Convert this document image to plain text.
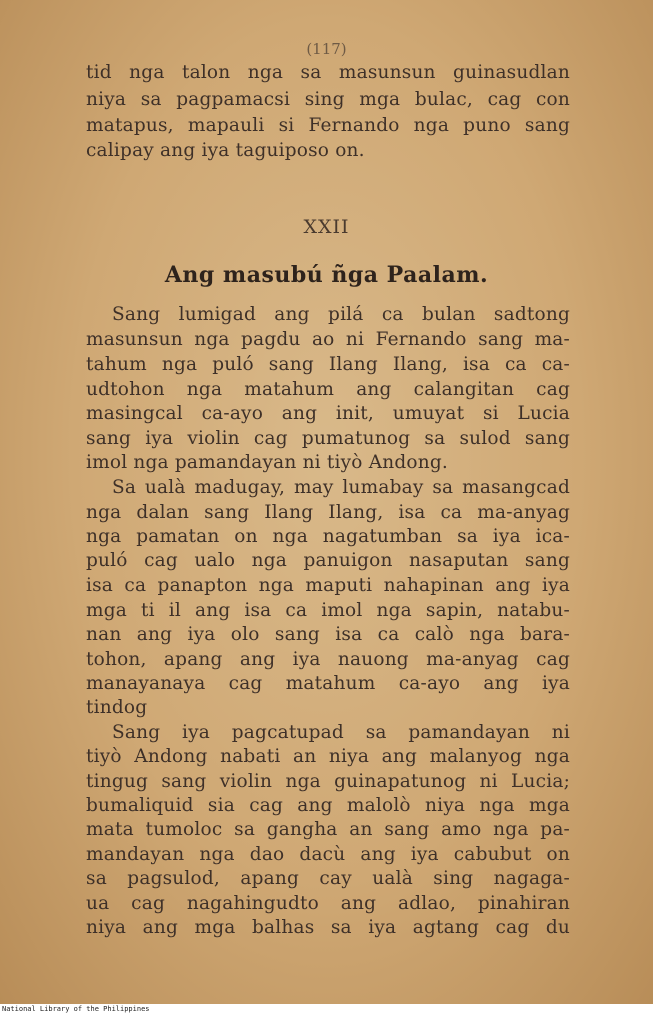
(117)
tid nga talon nga sa masunsun guinasudlan
niya sa pagpamacsi sing mga bulac, cag con
matapus, mapauli si Fernando nga puno sang
calipay ang iya taguiposo on.
XXII
Ang masubú ñga Paalam.
Sang lumigad ang pilá ca bulan sadtong
masunsun nga pagdu ao ni Fernando sang ma-
tahum nga puló sang Ilang Ilang, isa ca ca-
udtohon nga matahum ang calangitan cag
masingcal ca-ayo ang init, umuyat si Lucia
sang iya violin cag pumatunog sa sulod sang
imol nga pamandayan ni tiyò Andong.
Sa ualà madugay, may lumabay sa masangcad
nga dalan sang Ilang Ilang, isa ca ma-anyag
nga pamatan on nga nagatumban sa iya ica-
puló cag ualo nga panuigon nasaputan sang
isa ca panapton nga maputi nahapinan ang iya
mga ti il ang isa ca imol nga sapin, natabu-
nan ang iya olo sang isa ca calò nga bara-
tohon, apang ang iya nauong ma-anyag cag
manayanaya cag matahum ca-ayo ang iya
tindog
Sang iya pagcatupad sa pamandayan ni
tiyò Andong nabati an niya ang malanyog nga
tingug sang violin nga guinapatunog ni Lucia;
bumaliquid sia cag ang malolò niya nga mga
mata tumoloc sa gangha an sang amo nga pa-
mandayan nga dao dacù ang iya cabubut on
sa pagsulod, apang cay ualà sing nagaga-
ua cag nagahingudto ang adlao, pinahiran
niya ang mga balhas sa iya agtang cag du
National Library of the Philippines
